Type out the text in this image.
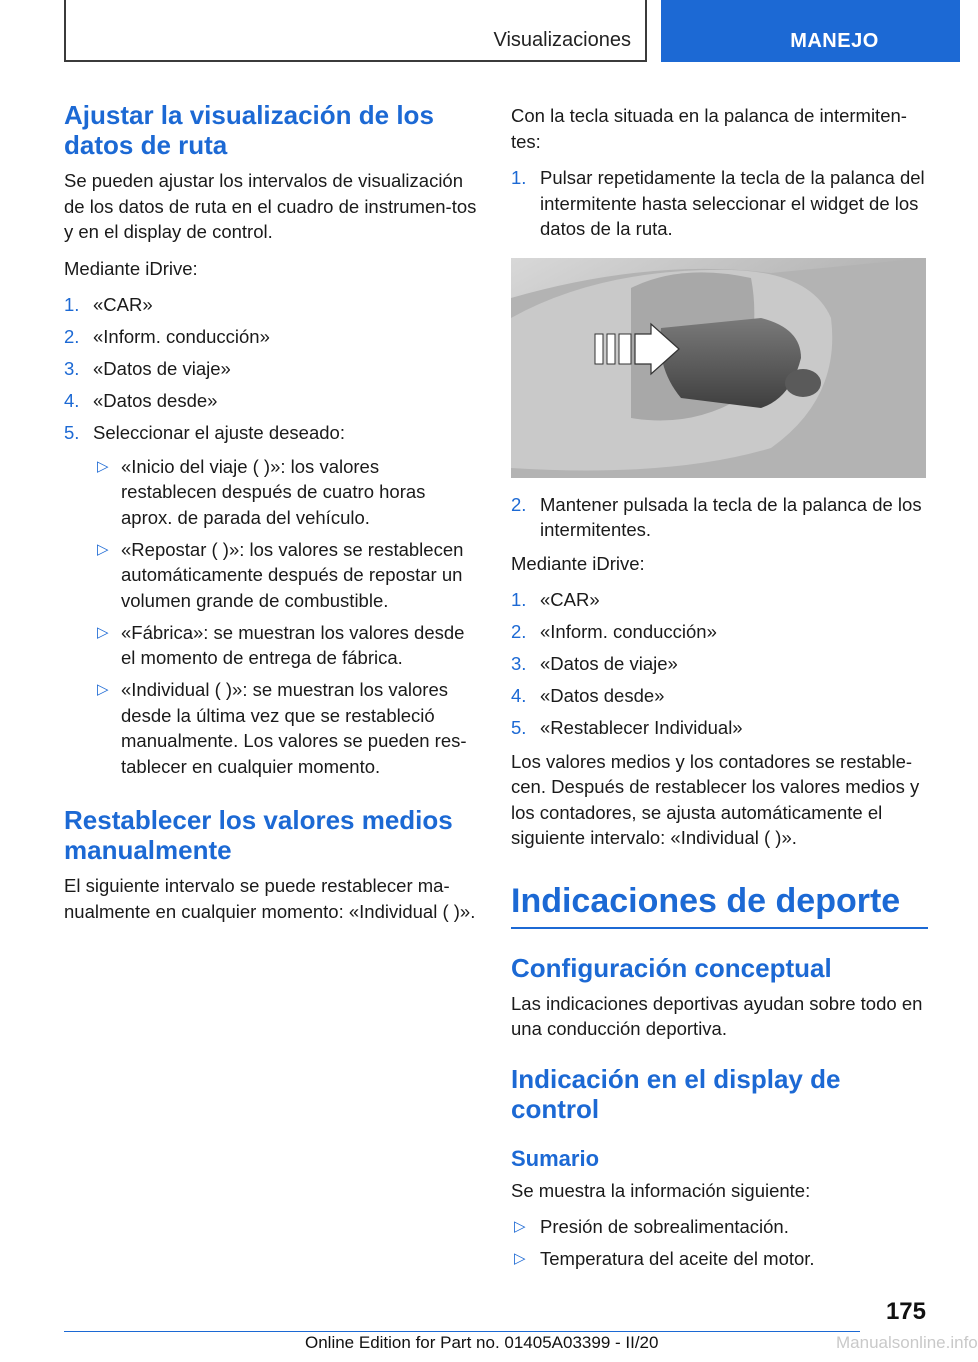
Visualizaciones	MANEJO
Ajustar la visualización de los datos de ruta

Se pueden ajustar los intervalos de visualización de los datos de ruta en el cuadro de instrumen-tos y en el display de control.

Mediante iDrive:

1. «CAR»
2. «Inform. conducción»
3. «Datos de viaje»
4. «Datos desde»
5. Seleccionar el ajuste deseado:
▷ «Inicio del viaje ( )»: los valores restablecen después de cuatro horas aprox. de parada del vehículo.
▷ «Repostar ( )»: los valores se restablecen automáticamente después de repostar un volumen grande de combustible.
▷ «Fábrica»: se muestran los valores desde el momento de entrega de fábrica.
▷ «Individual ( )»: se muestran los valores desde la última vez que se restableció manualmente. Los valores se pueden res-tablecer en cualquier momento.
Restablecer los valores medios manualmente

El siguiente intervalo se puede restablecer ma-nualmente en cualquier momento: «Individual ( )».

Con la tecla situada en la palanca de intermiten-tes:

1. Pulsar repetidamente la tecla de la palanca del intermitente hasta seleccionar el widget de los datos de la ruta.
2. Mantener pulsada la tecla de la palanca de los intermitentes.

Mediante iDrive:

1. «CAR»
2. «Inform. conducción»
3. «Datos de viaje»
4. «Datos desde»
5. «Restablecer Individual»

Los valores medios y los contadores se restable-cen. Después de restablecer los valores medios y los contadores, se ajusta automáticamente el siguiente intervalo: «Individual ( )».

Indicaciones de deporte
Configuración conceptual

Las indicaciones deportivas ayudan sobre todo en una conducción deportiva.

Indicación en el display de control
Sumario

Se muestra la información siguiente:

▷ Presión de sobrealimentación.
▷ Temperatura del aceite del motor.
175
Online Edition for Part no. 01405A03399 - II/20	Manualsonline.info
